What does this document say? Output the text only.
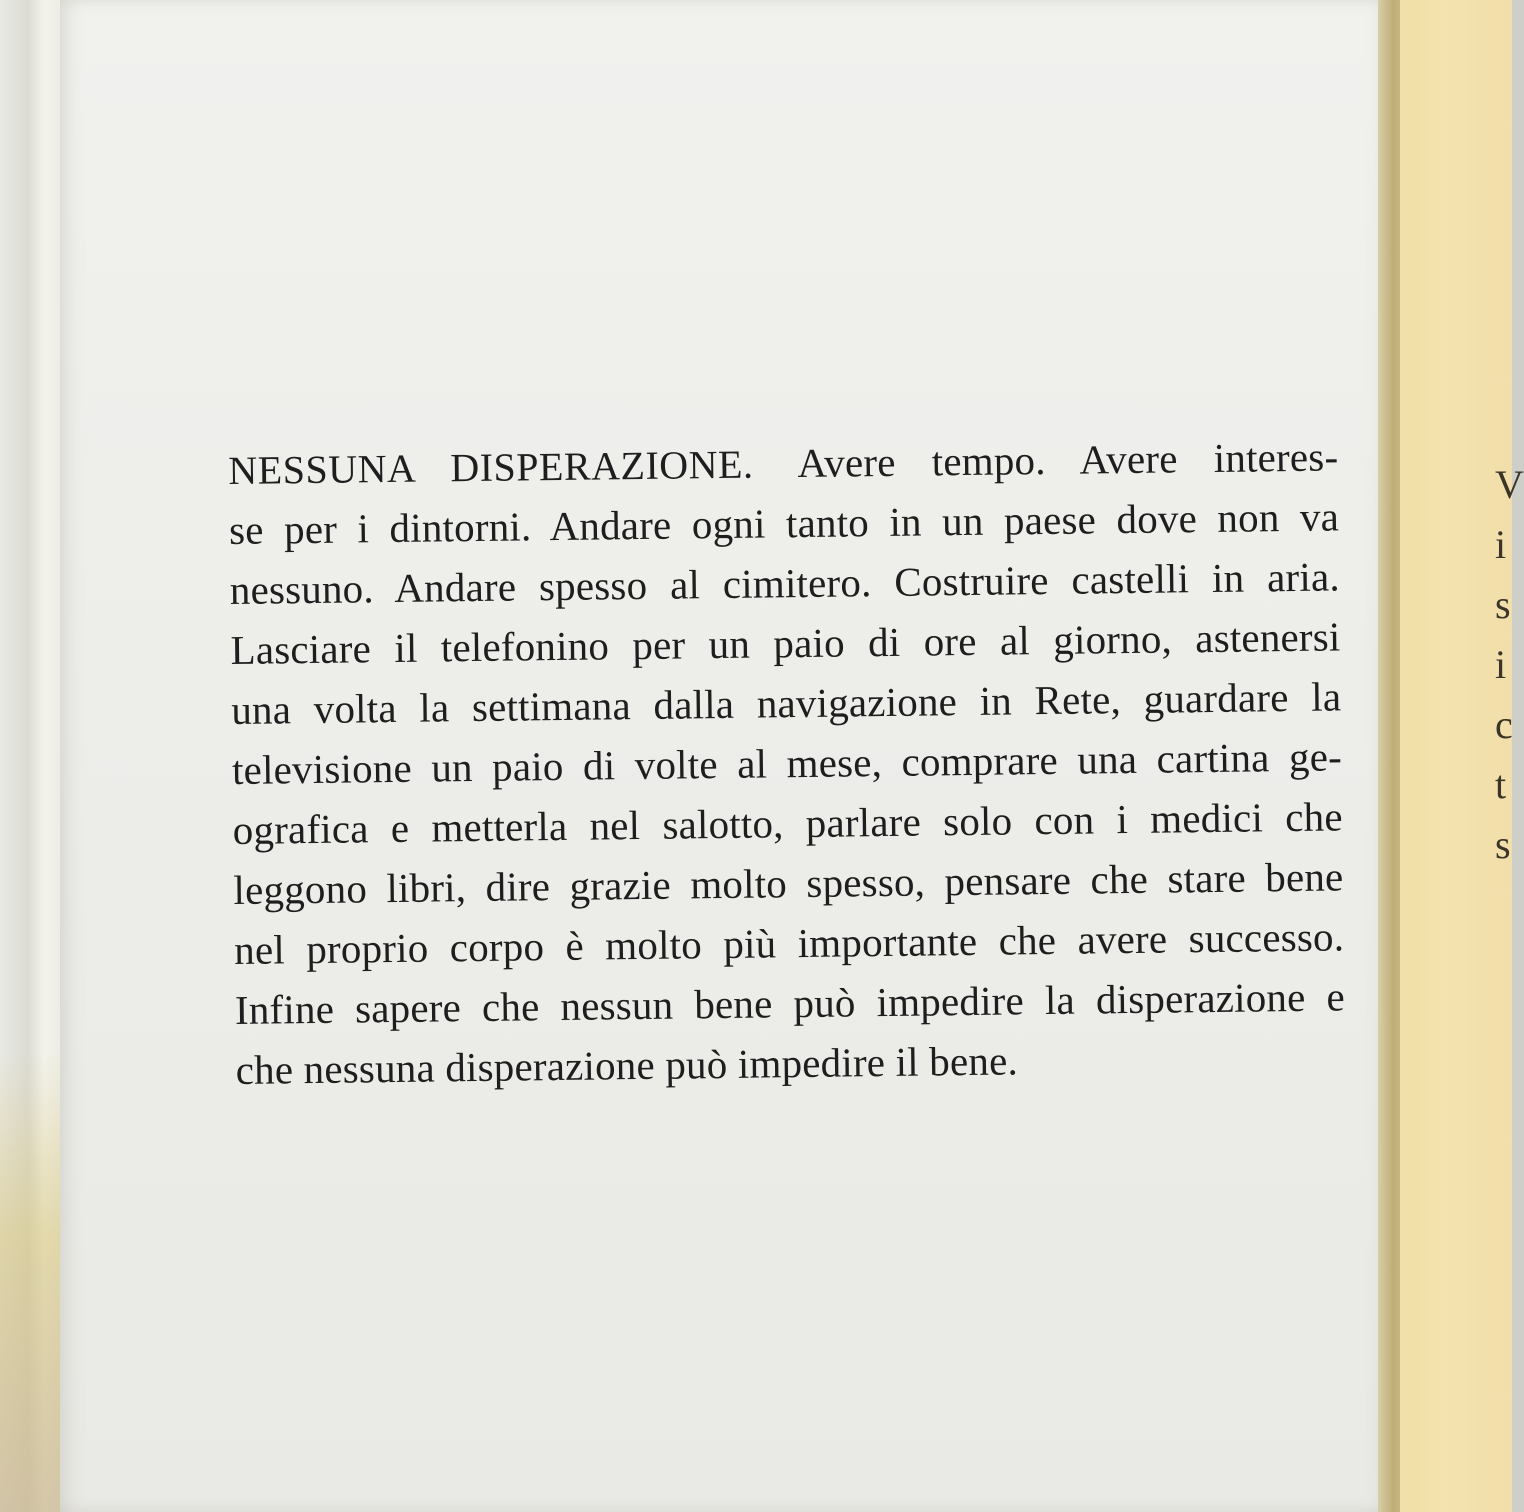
V
i
s
i
c
t
s
NESSUNA DISPERAZIONE. Avere tempo. Avere interes-
se per i dintorni. Andare ogni tanto in un paese dove non va
nessuno. Andare spesso al cimitero. Costruire castelli in aria.
Lasciare il telefonino per un paio di ore al giorno, astenersi
una volta la settimana dalla navigazione in Rete, guardare la
televisione un paio di volte al mese, comprare una cartina ge-
ografica e metterla nel salotto, parlare solo con i medici che
leggono libri, dire grazie molto spesso, pensare che stare bene
nel proprio corpo è molto più importante che avere successo.
Infine sapere che nessun bene può impedire la disperazione e
che nessuna disperazione può impedire il bene.
